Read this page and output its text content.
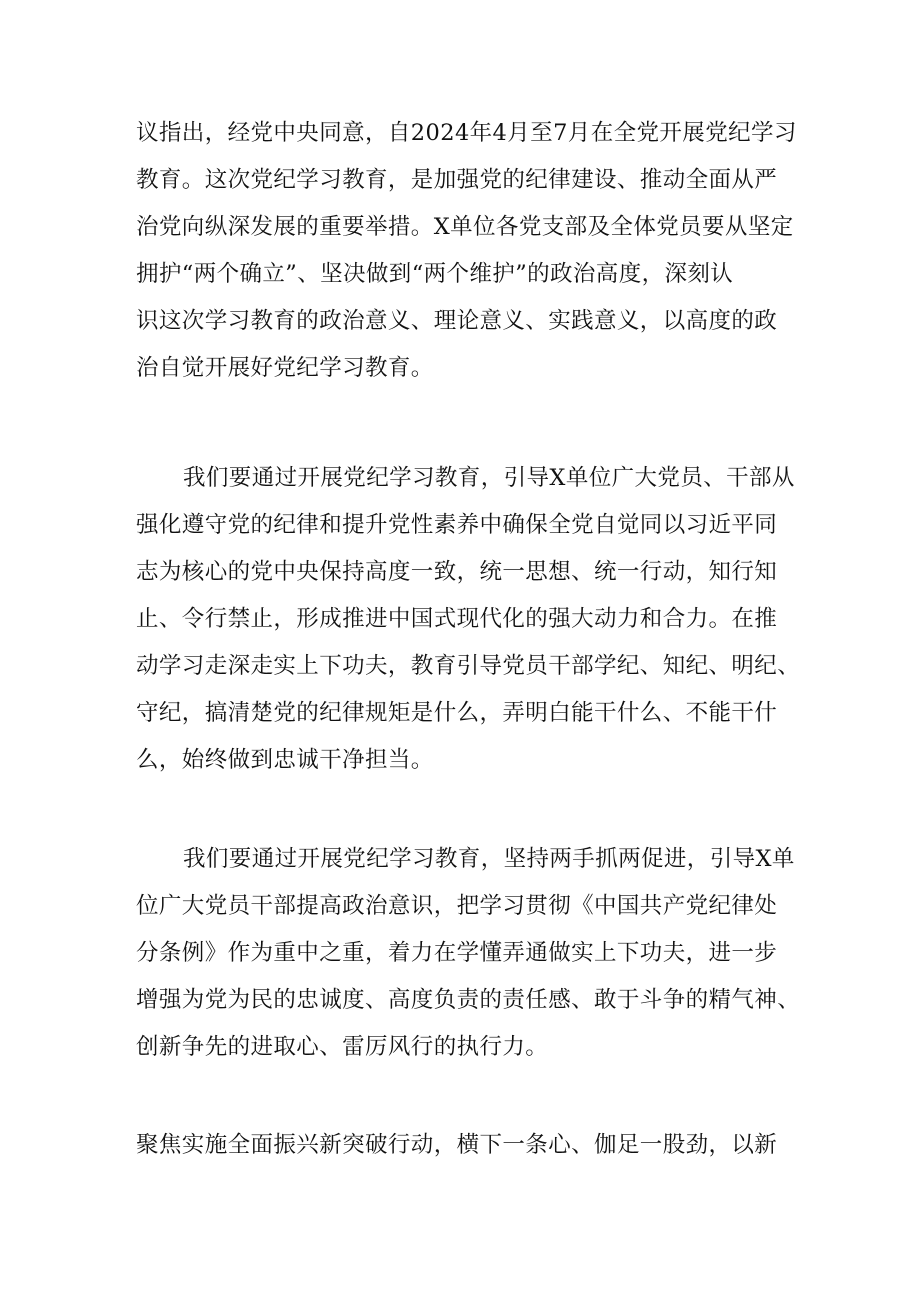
议指出，经党中央同意，自2024年4月至7月在全党开展党纪学习
教育。这次党纪学习教育，是加强党的纪律建设、推动全面从严
治党向纵深发展的重要举措。X单位各党支部及全体党员要从坚定
拥护“两个确立”、坚决做到“两个维护”的政治高度，深刻认
识这次学习教育的政治意义、理论意义、实践意义，以高度的政
治自觉开展好党纪学习教育。
我们要通过开展党纪学习教育，引导X单位广大党员、干部从
强化遵守党的纪律和提升党性素养中确保全党自觉同以习近平同
志为核心的党中央保持高度一致，统一思想、统一行动，知行知
止、令行禁止，形成推进中国式现代化的强大动力和合力。在推
动学习走深走实上下功夫，教育引导党员干部学纪、知纪、明纪、
守纪，搞清楚党的纪律规矩是什么，弄明白能干什么、不能干什
么，始终做到忠诚干净担当。
我们要通过开展党纪学习教育，坚持两手抓两促进，引导X单
位广大党员干部提高政治意识，把学习贯彻《中国共产党纪律处
分条例》作为重中之重，着力在学懂弄通做实上下功夫，进一步
增强为党为民的忠诚度、高度负责的责任感、敢于斗争的精气神、
创新争先的进取心、雷厉风行的执行力。
聚焦实施全面振兴新突破行动，横下一条心、伽足一股劲，以新
